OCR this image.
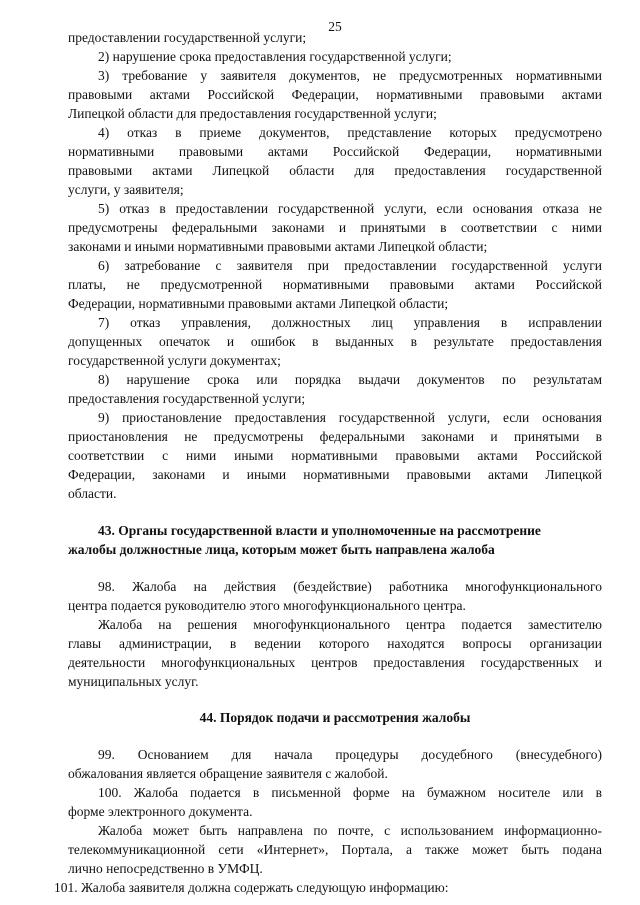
25
предоставлении государственной услуги;
2) нарушение срока предоставления государственной услуги;
3) требование у заявителя документов, не предусмотренных нормативными
правовыми актами Российской Федерации, нормативными правовыми актами
Липецкой области для предоставления государственной услуги;
4) отказ в приеме документов, представление которых предусмотрено
нормативными правовыми актами Российской Федерации, нормативными
правовыми актами Липецкой области для предоставления государственной
услуги, у заявителя;
5) отказ в предоставлении государственной услуги, если основания отказа не
предусмотрены федеральными законами и принятыми в соответствии с ними
законами и иными нормативными правовыми актами Липецкой области;
6) затребование с заявителя при предоставлении государственной услуги
платы, не предусмотренной нормативными правовыми актами Российской
Федерации, нормативными правовыми актами Липецкой области;
7) отказ управления, должностных лиц управления в исправлении
допущенных опечаток и ошибок в выданных в результате предоставления
государственной услуги документах;
8) нарушение срока или порядка выдачи документов по результатам
предоставления государственной услуги;
9) приостановление предоставления государственной услуги, если основания
приостановления не предусмотрены федеральными законами и принятыми в
соответствии с ними иными нормативными правовыми актами Российской
Федерации, законами и иными нормативными правовыми актами Липецкой
области.
43. Органы государственной власти и уполномоченные на рассмотрение
жалобы должностные лица, которым может быть направлена жалоба
98. Жалоба на действия (бездействие) работника многофункционального
центра подается руководителю этого многофункционального центра.
Жалоба на решения многофункционального центра подается заместителю
главы администрации, в ведении которого находятся вопросы организации
деятельности многофункциональных центров предоставления государственных и
муниципальных услуг.
44. Порядок подачи и рассмотрения жалобы
99. Основанием для начала процедуры досудебного (внесудебного)
обжалования является обращение заявителя с жалобой.
100. Жалоба подается в письменной форме на бумажном носителе или в
форме электронного документа.
Жалоба может быть направлена по почте, с использованием информационно-
телекоммуникационной сети «Интернет», Портала, а также может быть подана
лично непосредственно в УМФЦ.
101. Жалоба заявителя должна содержать следующую информацию:
